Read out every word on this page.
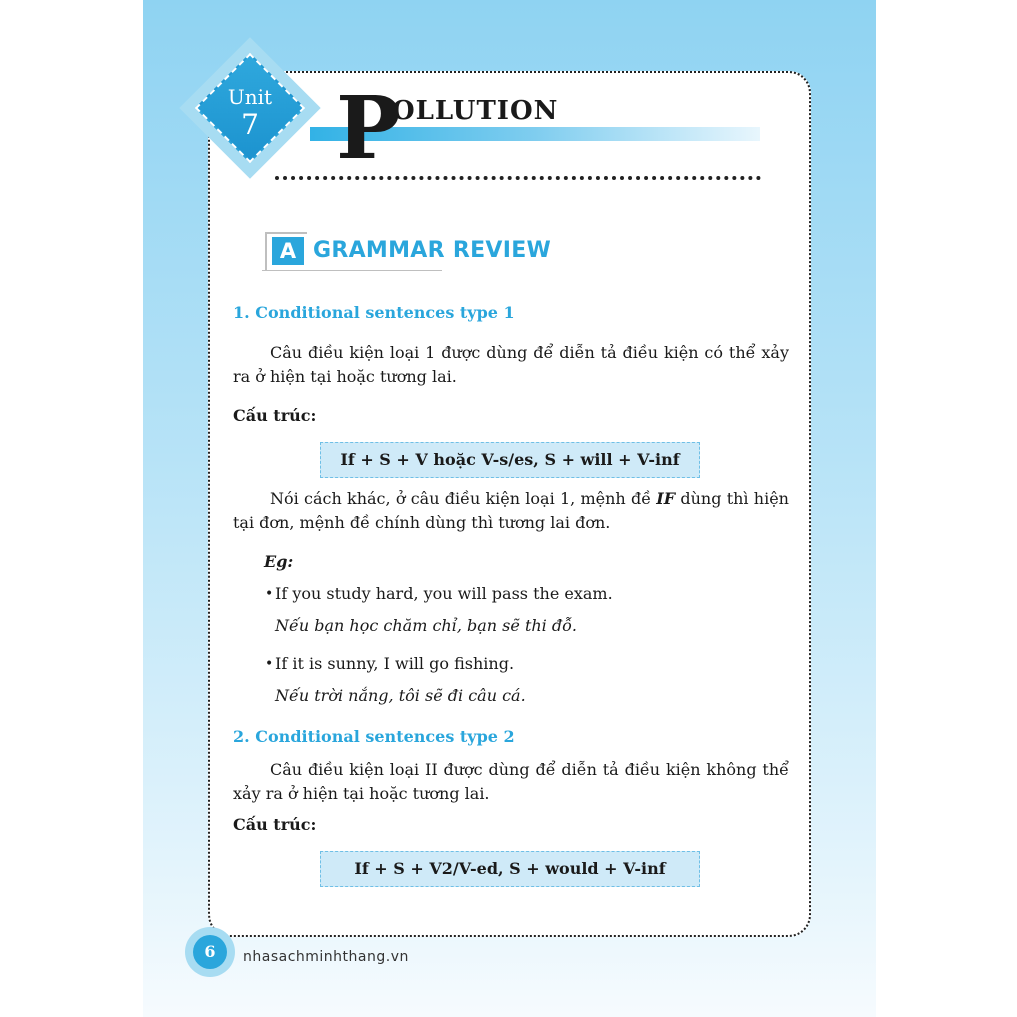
Unit
7 P
OLLUTION
A GRAMMAR REVIEW
1. Conditional sentences type 1
Câu điều kiện loại 1 được dùng để diễn tả điều kiện có thể xảy ra ở hiện tại hoặc tương lai.
Cấu trúc:
If + S + V hoặc V-s/es, S + will + V-inf
Nói cách khác, ở câu điều kiện loại 1, mệnh đề IF dùng thì hiện tại đơn, mệnh đề chính dùng thì tương lai đơn.
Eg:
• If you study hard, you will pass the exam.
Nếu bạn học chăm chỉ, bạn sẽ thi đỗ.
• If it is sunny, I will go fishing.
Nếu trời nắng, tôi sẽ đi câu cá.
2. Conditional sentences type 2
Câu điều kiện loại II được dùng để diễn tả điều kiện không thể xảy ra ở hiện tại hoặc tương lai.
Cấu trúc:
If + S + V2/V-ed, S + would + V-inf
6	nhasachminhthang.vn
